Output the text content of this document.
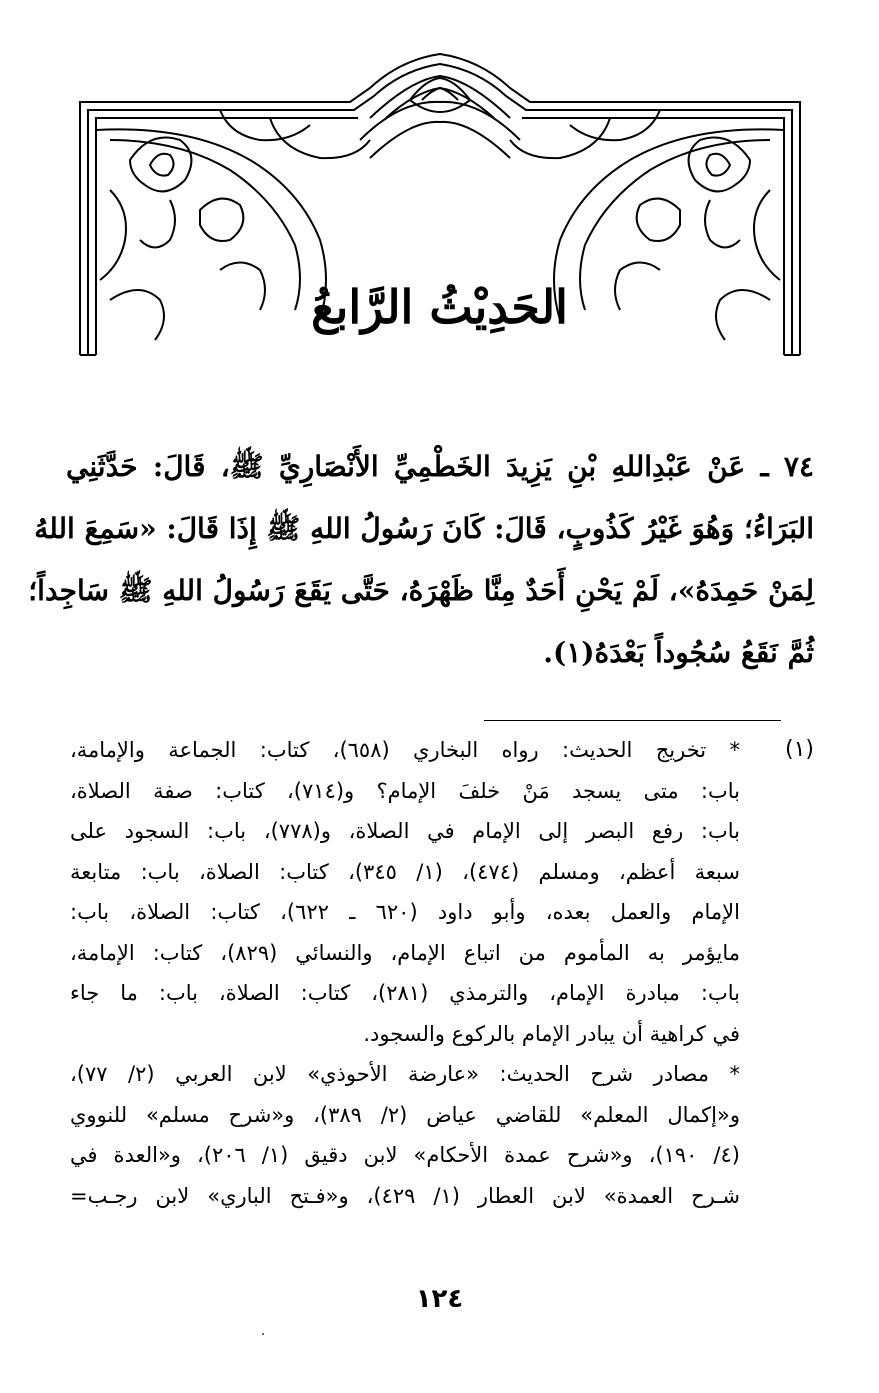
الحَدِيْثُ الرَّابعُ
٧٤ ـ عَنْ عَبْدِاللهِ بْنِ يَزِيدَ الخَطْمِيِّ الأَنْصَارِيِّ ﷺ، قَالَ: حَدَّثَنِي
البَرَاءُ؛ وَهُوَ غَيْرُ كَذُوبٍ، قَالَ: كَانَ رَسُولُ اللهِ ﷺ إِذَا قَالَ: «سَمِعَ اللهُ
لِمَنْ حَمِدَهُ»، لَمْ يَحْنِ أَحَدٌ مِنَّا ظَهْرَهُ، حَتَّى يَقَعَ رَسُولُ اللهِ ﷺ سَاجِداً؛
ثُمَّ نَقَعُ سُجُوداً بَعْدَهُ(١).
(١)
* تخريج الحديث: رواه البخاري (٦٥٨)، كتاب: الجماعة والإمامة،
باب: متى يسجد مَنْ خلفَ الإمام؟ و(٧١٤)، كتاب: صفة الصلاة،
باب: رفع البصر إلى الإمام في الصلاة، و(٧٧٨)، باب: السجود على
سبعة أعظم، ومسلم (٤٧٤)، (١/ ٣٤٥)، كتاب: الصلاة، باب: متابعة
الإمام والعمل بعده، وأبو داود (٦٢٠ ـ ٦٢٢)، كتاب: الصلاة، باب:
مايؤمر به المأموم من اتباع الإمام، والنسائي (٨٢٩)، كتاب: الإمامة،
باب: مبادرة الإمام، والترمذي (٢٨١)، كتاب: الصلاة، باب: ما جاء
في كراهية أن يبادر الإمام بالركوع والسجود.
* مصادر شرح الحديث: «عارضة الأحوذي» لابن العربي (٢/ ٧٧)،
و«إكمال المعلم» للقاضي عياض (٢/ ٣٨٩)، و«شرح مسلم» للنووي
(٤/ ١٩٠)، و«شرح عمدة الأحكام» لابن دقيق (١/ ٢٠٦)، و«العدة في
شـرح العمدة» لابن العطار (١/ ٤٢٩)، و«فـتح الباري» لابن رجـب=
١٢٤
